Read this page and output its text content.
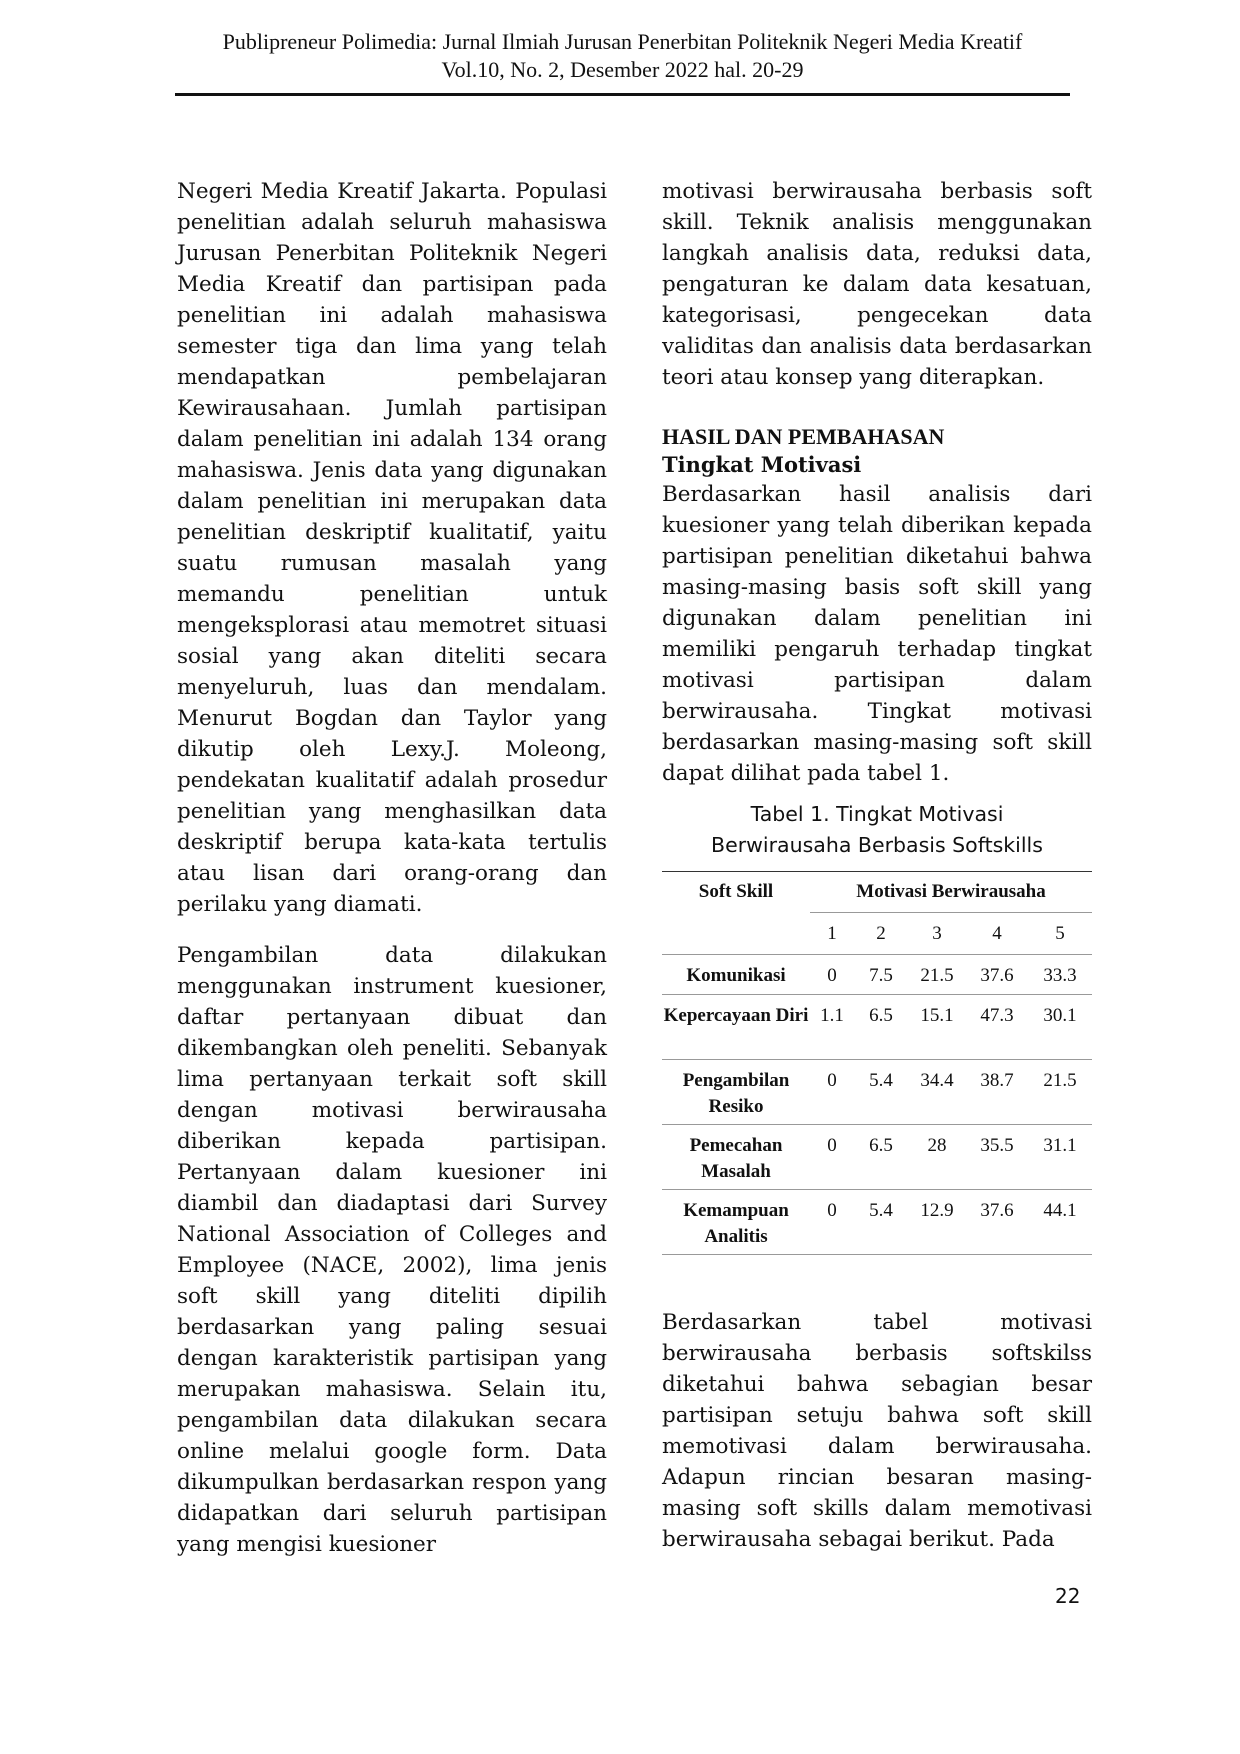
Publipreneur Polimedia: Jurnal Ilmiah Jurusan Penerbitan Politeknik Negeri Media Kreatif
Vol.10, No. 2, Desember 2022 hal. 20-29

Negeri Media Kreatif Jakarta. Populasi penelitian adalah seluruh mahasiswa Jurusan Penerbitan Politeknik Negeri Media Kreatif dan partisipan pada penelitian ini adalah mahasiswa semester tiga dan lima yang telah mendapatkan pembelajaran Kewirausahaan. Jumlah partisipan dalam penelitian ini adalah 134 orang mahasiswa. Jenis data yang digunakan dalam penelitian ini merupakan data penelitian deskriptif kualitatif, yaitu suatu rumusan masalah yang memandu penelitian untuk mengeksplorasi atau memotret situasi sosial yang akan diteliti secara menyeluruh, luas dan mendalam. Menurut Bogdan dan Taylor yang dikutip oleh Lexy.J. Moleong, pendekatan kualitatif adalah prosedur penelitian yang menghasilkan data deskriptif berupa kata-kata tertulis atau lisan dari orang-orang dan perilaku yang diamati.

Pengambilan data dilakukan menggunakan instrument kuesioner, daftar pertanyaan dibuat dan dikembangkan oleh peneliti. Sebanyak lima pertanyaan terkait soft skill dengan motivasi berwirausaha diberikan kepada partisipan. Pertanyaan dalam kuesioner ini diambil dan diadaptasi dari Survey National Association of Colleges and Employee (NACE, 2002), lima jenis soft skill yang diteliti dipilih berdasarkan yang paling sesuai dengan karakteristik partisipan yang merupakan mahasiswa. Selain itu, pengambilan data dilakukan secara online melalui google form. Data dikumpulkan berdasarkan respon yang didapatkan dari seluruh partisipan yang mengisi kuesioner

motivasi berwirausaha berbasis soft skill. Teknik analisis menggunakan langkah analisis data, reduksi data, pengaturan ke dalam data kesatuan, kategorisasi, pengecekan data validitas dan analisis data berdasarkan teori atau konsep yang diterapkan.

HASIL DAN PEMBAHASAN
Tingkat Motivasi

Berdasarkan hasil analisis dari kuesioner yang telah diberikan kepada partisipan penelitian diketahui bahwa masing-masing basis soft skill yang digunakan dalam penelitian ini memiliki pengaruh terhadap tingkat motivasi partisipan dalam berwirausaha. Tingkat motivasi berdasarkan masing-masing soft skill dapat dilihat pada tabel 1.

Tabel 1. Tingkat Motivasi
Berwirausaha Berbasis Softskills
Soft Skill	Motivasi Berwirausaha				
	1	2	3	4	5
Komunikasi	0	7.5	21.5	37.6	33.3
Kepercayaan Diri	1.1	6.5	15.1	47.3	30.1
Pengambilan Resiko	0	5.4	34.4	38.7	21.5
Pemecahan Masalah	0	6.5	28	35.5	31.1
Kemampuan Analitis	0	5.4	12.9	37.6	44.1

Berdasarkan tabel motivasi berwirausaha berbasis softskilss diketahui bahwa sebagian besar partisipan setuju bahwa soft skill memotivasi dalam berwirausaha. Adapun rincian besaran masing-masing soft skills dalam memotivasi berwirausaha sebagai berikut. Pada

22
